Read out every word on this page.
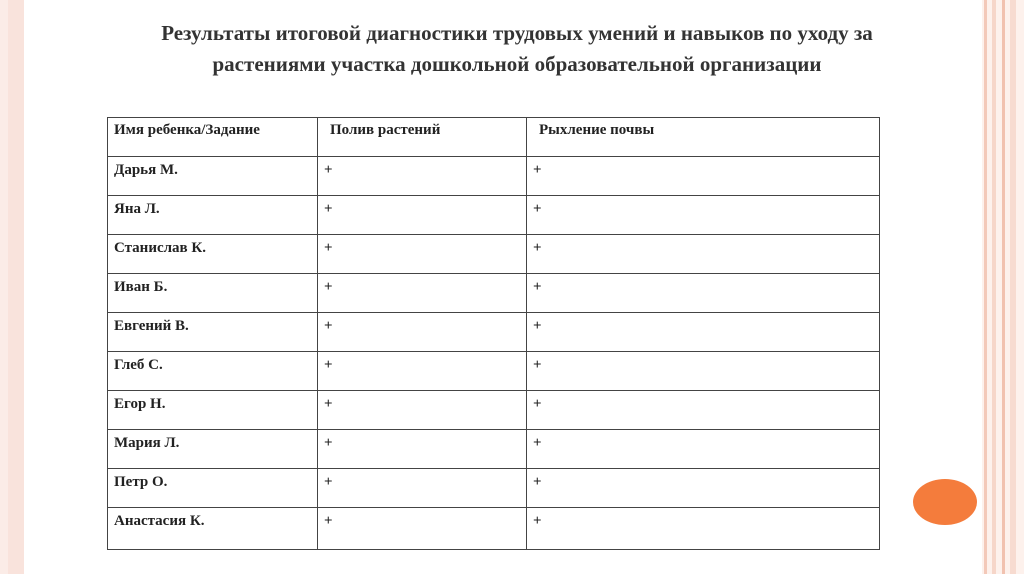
Результаты итоговой диагностики трудовых умений и навыков по уходу за
растениями участка дошкольной образовательной организации
Имя ребенка/Задание	Полив растений	Рыхление почвы
Дарья М.	+	+
Яна Л.	+	+
Станислав К.	+	+
Иван Б.	+	+
Евгений В.	+	+
Глеб С.	+	+
Егор Н.	+	+
Мария Л.	+	+
Петр О.	+	+
Анастасия К.	+	+
